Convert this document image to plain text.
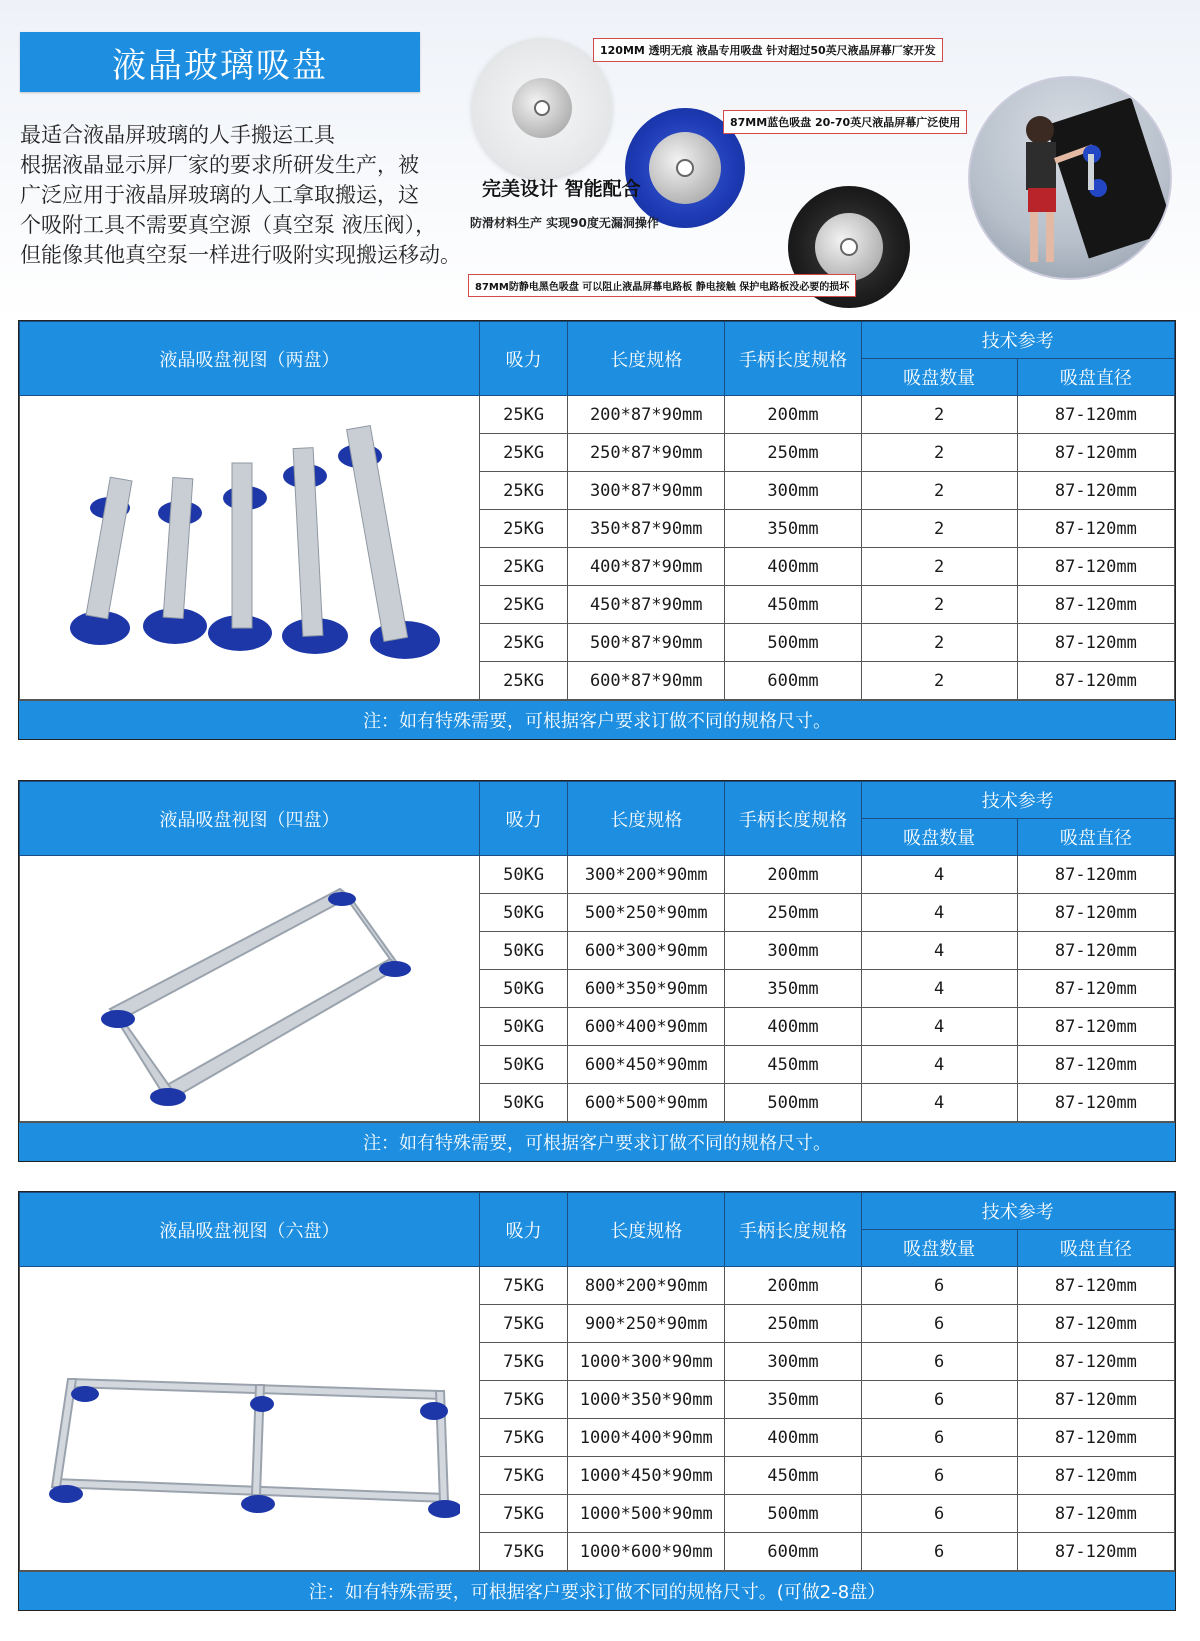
液晶玻璃吸盘
最适合液晶屏玻璃的人手搬运工具
根据液晶显示屏厂家的要求所研发生产，被
广泛应用于液晶屏玻璃的人工拿取搬运，这
个吸附工具不需要真空源（真空泵 液压阀），
但能像其他真空泵一样进行吸附实现搬运移动。
120MM 透明无痕 液晶专用吸盘 针对超过50英尺液晶屏幕厂家开发
87MM蓝色吸盘 20-70英尺液晶屏幕广泛使用
完美设计 智能配合
防滑材料生产 实现90度无漏洞操作
87MM防静电黑色吸盘 可以阻止液晶屏幕电路板 静电接触 保护电路板没必要的损坏
液晶吸盘视图（两盘）	吸力	长度规格	手柄长度规格	技术参考	
				吸盘数量	吸盘直径

	25KG	200*87*90mm	200mm	2	87-120mm
	25KG	250*87*90mm	250mm	2	87-120mm
	25KG	300*87*90mm	300mm	2	87-120mm
	25KG	350*87*90mm	350mm	2	87-120mm
	25KG	400*87*90mm	400mm	2	87-120mm
	25KG	450*87*90mm	450mm	2	87-120mm
	25KG	500*87*90mm	500mm	2	87-120mm
	25KG	600*87*90mm	600mm	2	87-120mm
注：如有特殊需要，可根据客户要求订做不同的规格尺寸。
液晶吸盘视图（四盘）	吸力	长度规格	手柄长度规格	技术参考	
				吸盘数量	吸盘直径

	50KG	300*200*90mm	200mm	4	87-120mm
	50KG	500*250*90mm	250mm	4	87-120mm
	50KG	600*300*90mm	300mm	4	87-120mm
	50KG	600*350*90mm	350mm	4	87-120mm
	50KG	600*400*90mm	400mm	4	87-120mm
	50KG	600*450*90mm	450mm	4	87-120mm
	50KG	600*500*90mm	500mm	4	87-120mm
注：如有特殊需要，可根据客户要求订做不同的规格尺寸。
液晶吸盘视图（六盘）	吸力	长度规格	手柄长度规格	技术参考	
				吸盘数量	吸盘直径

	75KG	800*200*90mm	200mm	6	87-120mm
	75KG	900*250*90mm	250mm	6	87-120mm
	75KG	1000*300*90mm	300mm	6	87-120mm
	75KG	1000*350*90mm	350mm	6	87-120mm
	75KG	1000*400*90mm	400mm	6	87-120mm
	75KG	1000*450*90mm	450mm	6	87-120mm
	75KG	1000*500*90mm	500mm	6	87-120mm
	75KG	1000*600*90mm	600mm	6	87-120mm
注：如有特殊需要，可根据客户要求订做不同的规格尺寸。(可做2-8盘）
